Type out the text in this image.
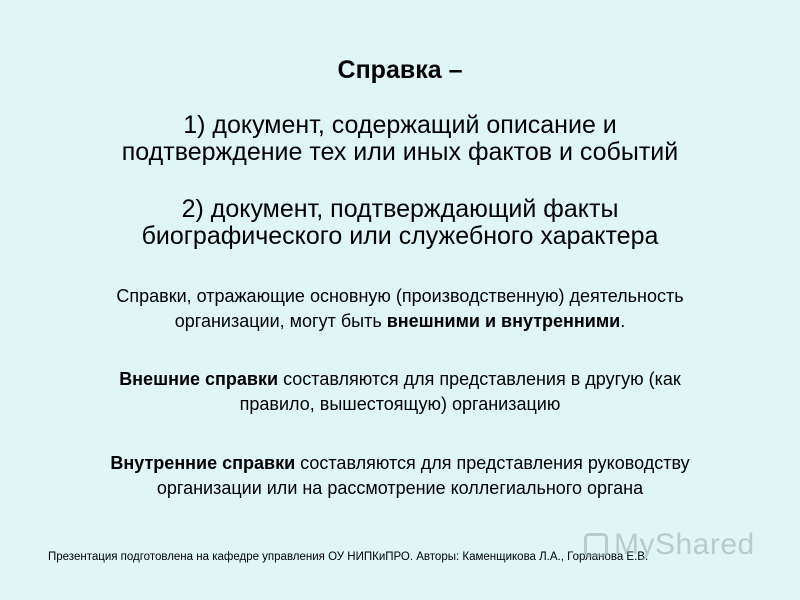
Справка –
1) документ, содержащий описание и
подтверждение тех или иных фактов и событий
2) документ, подтверждающий факты
биографического или служебного характера
Справки, отражающие основную (производственную) деятельность
организации, могут быть внешними и внутренними.
Внешние справки составляются для представления в другую (как
правило, вышестоящую) организацию
Внутренние справки составляются для представления руководству
организации или на рассмотрение коллегиального органа
Презентация подготовлена на кафедре управления ОУ НИПКиПРО. Авторы: Каменщикова Л.А., Горланова Е.В.
MyShared
